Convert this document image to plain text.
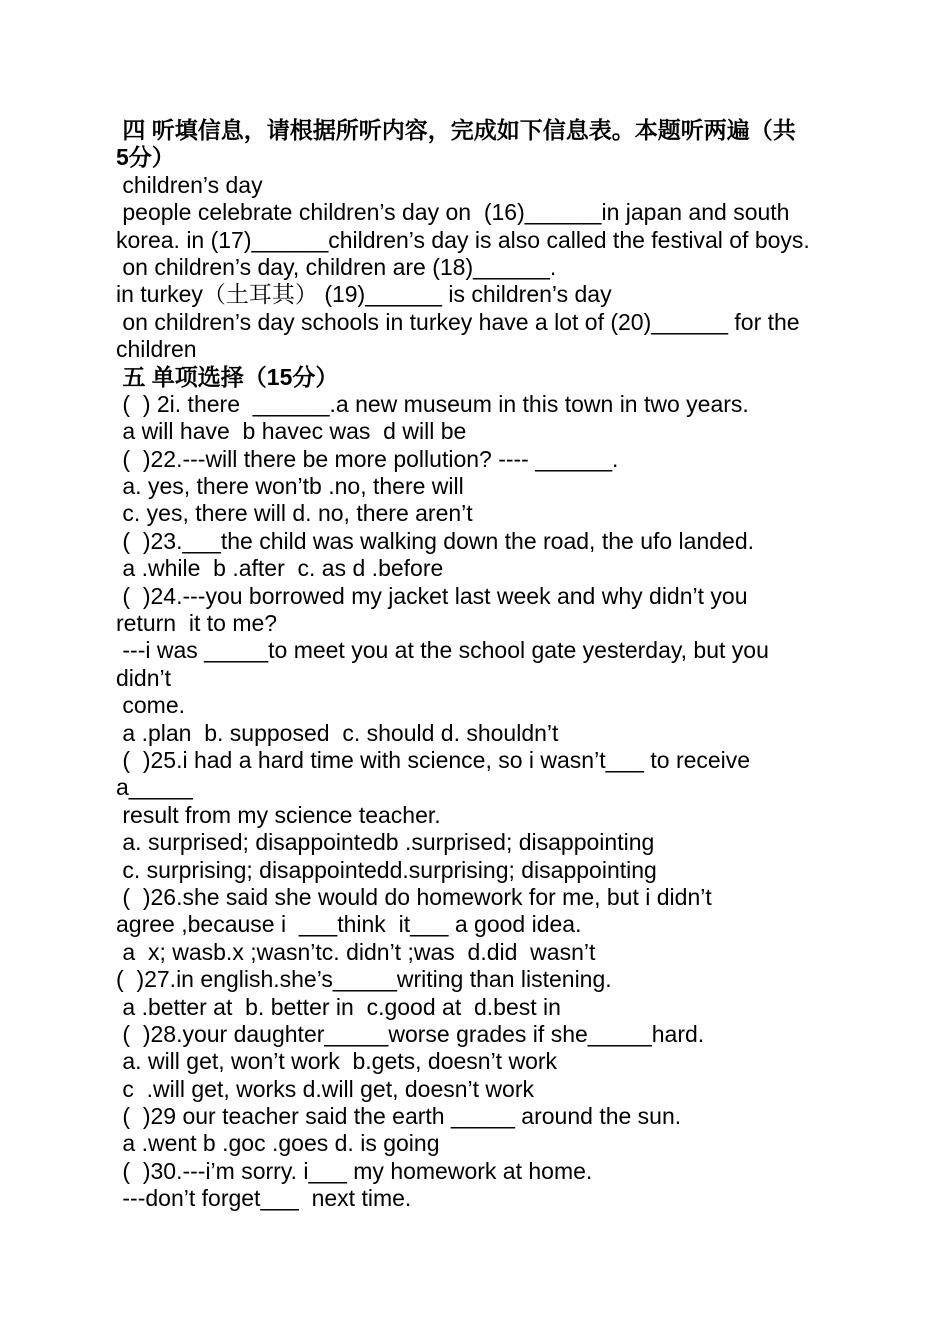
四 听填信息，请根据所听内容，完成如下信息表。本题听两遍（共

5分）

children’s day

people celebrate children’s day on  (16)______in japan and south

korea. in (17)______children’s day is also called the festival of boys.

on children’s day, children are (18)______.

in turkey（土耳其） (19)______ is children’s day

on children’s day schools in turkey have a lot of (20)______ for the

children

五 单项选择（15分）

(  ) 2i. there  ______.a new museum in this town in two years.

a will have  b havec was  d will be

(  )22.---will there be more pollution? ---- ______.

a. yes, there won’tb .no, there will

c. yes, there will d. no, there aren’t

(  )23.___the child was walking down the road, the ufo landed.

a .while  b .after  c. as d .before

(  )24.---you borrowed my jacket last week and why didn’t you

return  it to me?

---i was _____to meet you at the school gate yesterday, but you

didn’t

come.

a .plan  b. supposed  c. should d. shouldn’t

(  )25.i had a hard time with science, so i wasn’t___ to receive

a_____

result from my science teacher.

a. surprised; disappointedb .surprised; disappointing

c. surprising; disappointedd.surprising; disappointing

(  )26.she said she would do homework for me, but i didn’t

agree ,because i  ___think  it___ a good idea.

a  x; wasb.x ;wasn’tc. didn’t ;was  d.did  wasn’t

(  )27.in english.she’s_____writing than listening.

a .better at  b. better in  c.good at  d.best in

(  )28.your daughter_____worse grades if she_____hard.

a. will get, won’t work  b.gets, doesn’t work

c  .will get, works d.will get, doesn’t work

(  )29 our teacher said the earth _____ around the sun.

a .went b .goc .goes d. is going

(  )30.---i’m sorry. i___ my homework at home.

---don’t forget___  next time.
